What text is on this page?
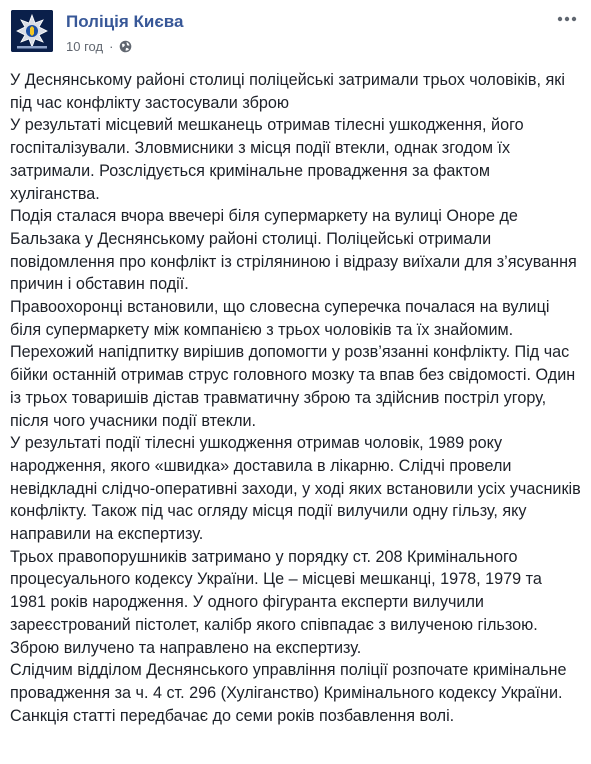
Поліція Києва
10 год ·

У Деснянському районі столиці поліцейські затримали трьох чоловіків, які під час конфлікту застосували зброю

У результаті місцевий мешканець отримав тілесні ушкодження, його госпіталізували. Зловмисники з місця події втекли, однак згодом їх затримали. Розслідується кримінальне провадження за фактом хуліганства.

Подія сталася вчора ввечері біля супермаркету на вулиці Оноре де Бальзака у Деснянському районі столиці. Поліцейські отримали повідомлення про конфлікт із стріляниною і відразу виїхали для з’ясування причин і обставин події.

Правоохоронці встановили, що словесна суперечка почалася на вулиці біля супермаркету між компанією з трьох чоловіків та їх знайомим. Перехожий напідпитку вирішив допомогти у розв’язанні конфлікту. Під час бійки останній отримав струс головного мозку та впав без свідомості. Один із трьох товаришів дістав травматичну зброю та здійснив постріл угору, після чого учасники події втекли.

У результаті події тілесні ушкодження отримав чоловік, 1989 року народження, якого «швидка» доставила в лікарню. Слідчі провели невідкладні слідчо-оперативні заходи, у ході яких встановили усіх учасників конфлікту. Також під час огляду місця події вилучили одну гільзу, яку направили на експертизу.

Трьох правопорушників затримано у порядку ст. 208 Кримінального процесуального кодексу України. Це – місцеві мешканці, 1978, 1979 та 1981 років народження. У одного фігуранта експерти вилучили зареєстрований пістолет, калібр якого співпадає з вилученою гільзою. Зброю вилучено та направлено на експертизу.

Слідчим відділом Деснянського управління поліції розпочате кримінальне провадження за ч. 4 ст. 296 (Хуліганство) Кримінального кодексу України. Санкція статті передбачає до семи років позбавлення волі.
